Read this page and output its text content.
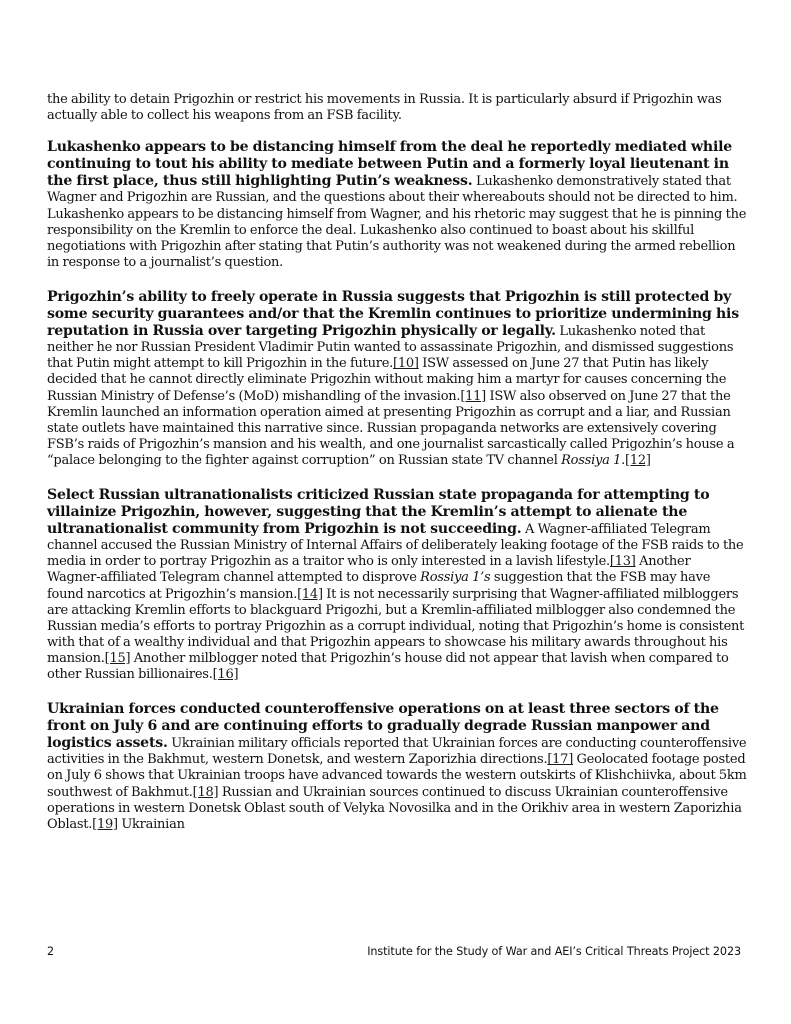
the ability to detain Prigozhin or restrict his movements in Russia. It is particularly absurd if Prigozhin was actually able to collect his weapons from an FSB facility.

Lukashenko appears to be distancing himself from the deal he reportedly mediated while continuing to tout his ability to mediate between Putin and a formerly loyal lieutenant in the first place, thus still highlighting Putin’s weakness. Lukashenko demonstratively stated that Wagner and Prigozhin are Russian, and the questions about their whereabouts should not be directed to him. Lukashenko appears to be distancing himself from Wagner, and his rhetoric may suggest that he is pinning the responsibility on the Kremlin to enforce the deal. Lukashenko also continued to boast about his skillful negotiations with Prigozhin after stating that Putin’s authority was not weakened during the armed rebellion in response to a journalist’s question.

Prigozhin’s ability to freely operate in Russia suggests that Prigozhin is still protected by some security guarantees and/or that the Kremlin continues to prioritize undermining his reputation in Russia over targeting Prigozhin physically or legally. Lukashenko noted that neither he nor Russian President Vladimir Putin wanted to assassinate Prigozhin, and dismissed suggestions that Putin might attempt to kill Prigozhin in the future.[10] ISW assessed on June 27 that Putin has likely decided that he cannot directly eliminate Prigozhin without making him a martyr for causes concerning the Russian Ministry of Defense’s (MoD) mishandling of the invasion.[11] ISW also observed on June 27 that the Kremlin launched an information operation aimed at presenting Prigozhin as corrupt and a liar, and Russian state outlets have maintained this narrative since. Russian propaganda networks are extensively covering FSB’s raids of Prigozhin’s mansion and his wealth, and one journalist sarcastically called Prigozhin’s house a “palace belonging to the fighter against corruption” on Russian state TV channel Rossiya 1.[12]

Select Russian ultranationalists criticized Russian state propaganda for attempting to villainize Prigozhin, however, suggesting that the Kremlin’s attempt to alienate the ultranationalist community from Prigozhin is not succeeding. A Wagner-affiliated Telegram channel accused the Russian Ministry of Internal Affairs of deliberately leaking footage of the FSB raids to the media in order to portray Prigozhin as a traitor who is only interested in a lavish lifestyle.[13] Another Wagner-affiliated Telegram channel attempted to disprove Rossiya 1’s suggestion that the FSB may have found narcotics at Prigozhin’s mansion.[14] It is not necessarily surprising that Wagner-affiliated milbloggers are attacking Kremlin efforts to blackguard Prigozhi, but a Kremlin-affiliated milblogger also condemned the Russian media’s efforts to portray Prigozhin as a corrupt individual, noting that Prigozhin’s home is consistent with that of a wealthy individual and that Prigozhin appears to showcase his military awards throughout his mansion.[15] Another milblogger noted that Prigozhin’s house did not appear that lavish when compared to other Russian billionaires.[16]

Ukrainian forces conducted counteroffensive operations on at least three sectors of the front on July 6 and are continuing efforts to gradually degrade Russian manpower and logistics assets. Ukrainian military officials reported that Ukrainian forces are conducting counteroffensive activities in the Bakhmut, western Donetsk, and western Zaporizhia directions.[17] Geolocated footage posted on July 6 shows that Ukrainian troops have advanced towards the western outskirts of Klishchiivka, about 5km southwest of Bakhmut.[18] Russian and Ukrainian sources continued to discuss Ukrainian counteroffensive operations in western Donetsk Oblast south of Velyka Novosilka and in the Orikhiv area in western Zaporizhia Oblast.[19] Ukrainian

2	Institute for the Study of War and AEI’s Critical Threats Project 2023
